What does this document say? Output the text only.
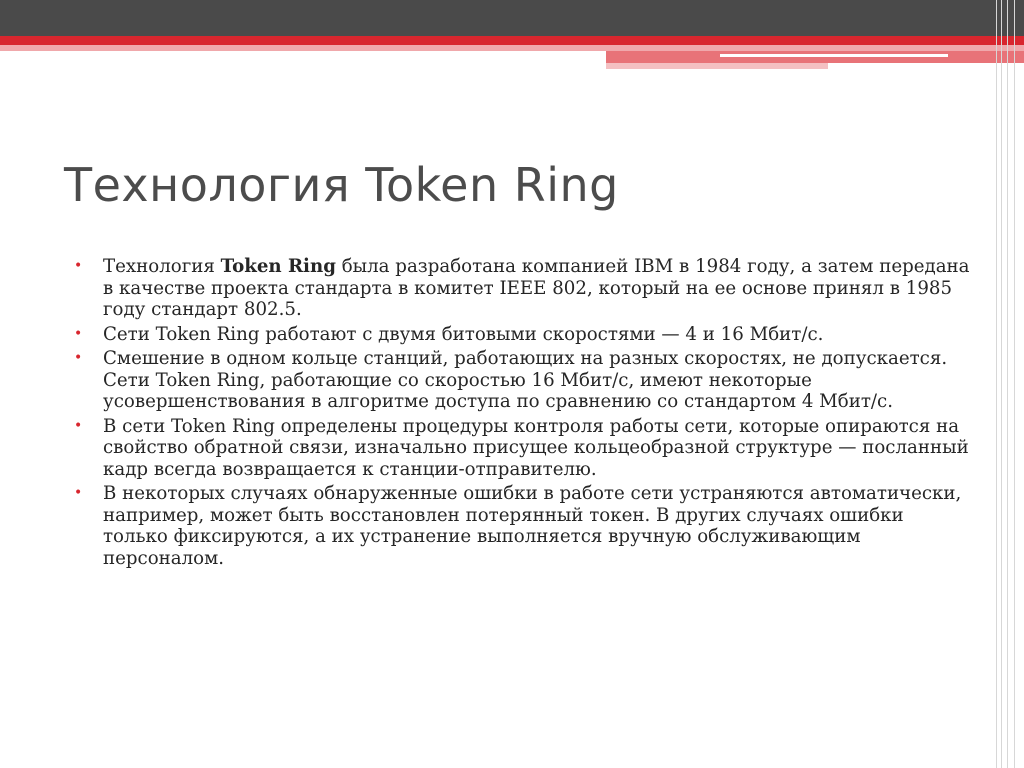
Технология Token Ring
• Технология Token Ring была разработана компанией IBM в 1984 году, а затем передана в качестве проекта стандарта в комитет IEEE 802, который на ее основе принял в 1985 году стандарт 802.5.
• Сети Token Ring работают с двумя битовыми скоростями — 4 и 16 Мбит/с.
• Смешение в одном кольце станций, работающих на разных скоростях, не допускается. Сети Token Ring, работающие со скоростью 16 Мбит/с, имеют некоторые усовершенствования в алгоритме доступа по сравнению со стандартом 4 Мбит/с.
• В сети Token Ring определены процедуры контроля работы сети, которые опираются на свойство обратной связи, изначально присущее кольцеобразной структуре — посланный кадр всегда возвращается к станции-отправителю.
• В некоторых случаях обнаруженные ошибки в работе сети устраняются автоматически, например, может быть восстановлен потерянный токен. В других случаях ошибки только фиксируются, а их устранение выполняется вручную обслуживающим персоналом.
